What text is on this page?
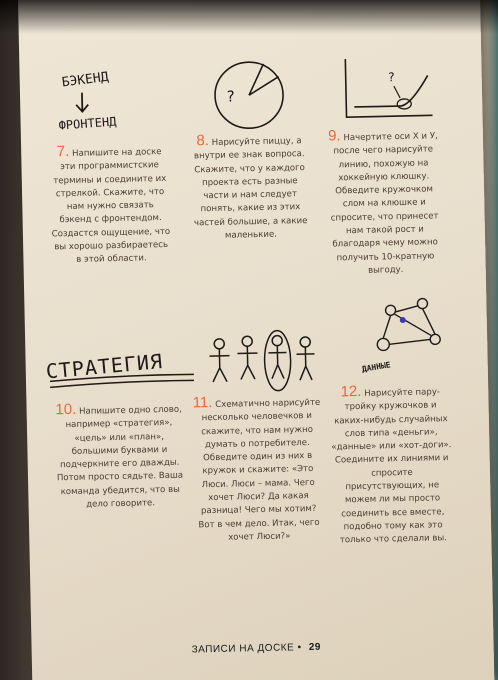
БЭКЕНД
ФРОНТЕНД
?
?
7. Напишите на доске эти программистские термины и соедините их стрелкой. Скажите, что нам нужно связать бэкенд с фронтендом. Создастся ощущение, что вы хорошо разбираетесь в этой области.
8. Нарисуйте пиццу, а внутри ее знак вопроса. Скажите, что у каждого проекта есть разные части и нам следует понять, какие из этих частей большие, а какие маленькие.
9. Начертите оси X и У, после чего нарисуйте линию, похожую на хоккейную клюшку. Обведите кружочком слом на клюшке и спросите, что принесет нам такой рост и благодаря чему можно получить 10-кратную выгоду.
СТРАТЕГИЯ	ДАННЫЕ
10. Напишите одно слово, например «стратегия», «цель» или «план», большими буквами и подчеркните его дважды. Потом просто сядьте. Ваша команда убедится, что вы дело говорите.
11. Схематично нарисуйте несколько человечков и скажите, что нам нужно думать о потребителе. Обведите один из них в кружок и скажите: «Это Люси. Люси – мама. Чего хочет Люси? Да какая разница! Чего мы хотим? Вот в чем дело. Итак, чего хочет Люси?»
12. Нарисуйте пару-тройку кружочков и каких-нибудь случайных слов типа «деньги», «данные» или «хот-доги». Соедините их линиями и спросите присутствующих, не можем ли мы просто соединить все вместе, подобно тому как это только что сделали вы.
ЗАПИСИ НА ДОСКЕ • 29
